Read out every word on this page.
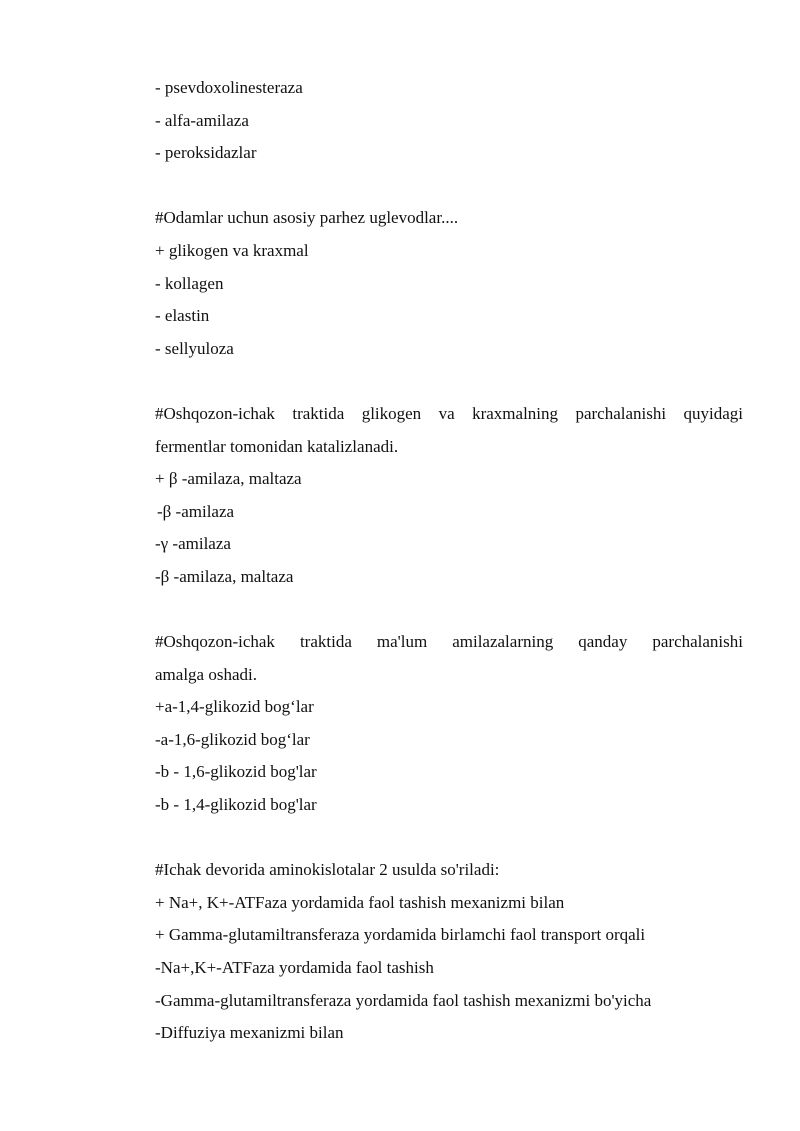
- psevdoxolinesteraza
- alfa-amilaza
- peroksidazlar
#Odamlar uchun asosiy parhez uglevodlar....
+ glikogen va kraxmal
- kollagen
- elastin
- sellyuloza
#Oshqozon-ichak traktida glikogen va kraxmalning parchalanishi quyidagi
fermentlar tomonidan katalizlanadi.
+ β -amilaza, maltaza
-β -amilaza
-γ -amilaza
-β -amilaza, maltaza
#Oshqozon-ichak traktida ma'lum amilazalarning qanday parchalanishi
amalga oshadi.
+a-1,4-glikozid bog‘lar
-a-1,6-glikozid bog‘lar
-b - 1,6-glikozid bog'lar
-b - 1,4-glikozid bog'lar
#Ichak devorida aminokislotalar 2 usulda so'riladi:
+ Na+, K+-ATFaza yordamida faol tashish mexanizmi bilan
+ Gamma-glutamiltransferaza yordamida birlamchi faol transport orqali
-Na+,K+-ATFaza yordamida faol tashish
-Gamma-glutamiltransferaza yordamida faol tashish mexanizmi bo'yicha
-Diffuziya mexanizmi bilan
